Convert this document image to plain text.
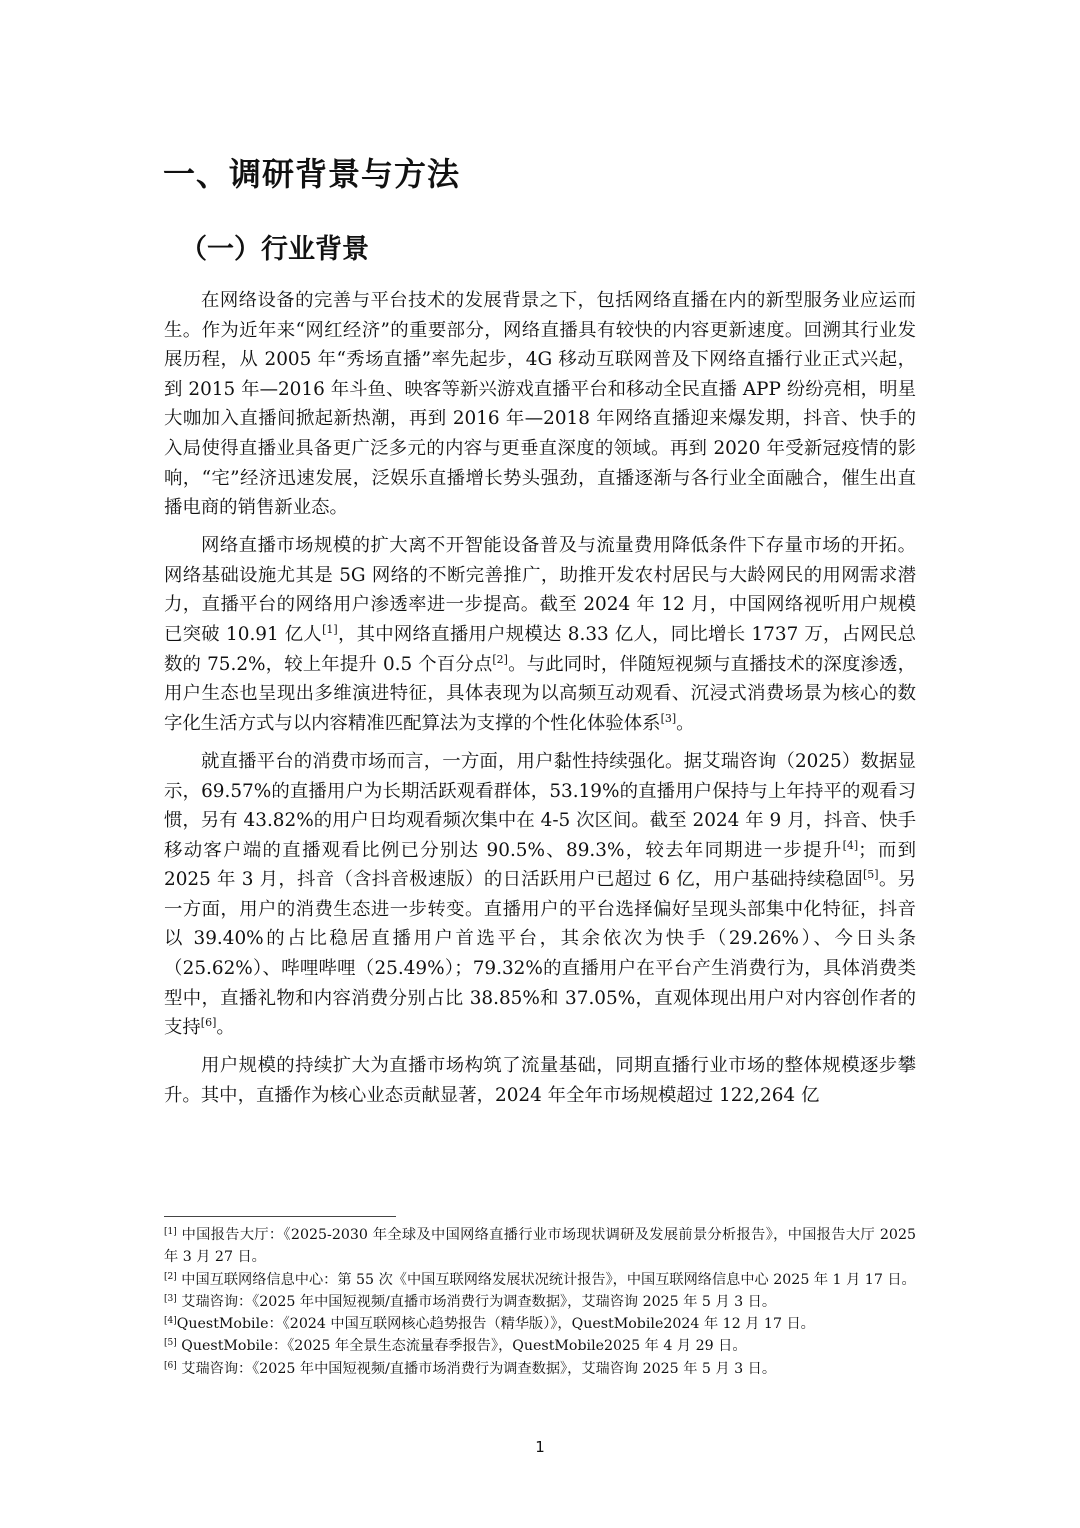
一、调研背景与方法
（一）行业背景

在网络设备的完善与平台技术的发展背景之下，包括网络直播在内的新型服务业应运而生。作为近年来“网红经济”的重要部分，网络直播具有较快的内容更新速度。回溯其行业发展历程，从 2005 年“秀场直播”率先起步，4G 移动互联网普及下网络直播行业正式兴起，到 2015 年—2016 年斗鱼、映客等新兴游戏直播平台和移动全民直播 APP 纷纷亮相，明星大咖加入直播间掀起新热潮，再到 2016 年—2018 年网络直播迎来爆发期，抖音、快手的入局使得直播业具备更广泛多元的内容与更垂直深度的领域。再到 2020 年受新冠疫情的影响，“宅”经济迅速发展，泛娱乐直播增长势头强劲，直播逐渐与各行业全面融合，催生出直播电商的销售新业态。

网络直播市场规模的扩大离不开智能设备普及与流量费用降低条件下存量市场的开拓。网络基础设施尤其是 5G 网络的不断完善推广，助推开发农村居民与大龄网民的用网需求潜力，直播平台的网络用户渗透率进一步提高。截至 2024 年 12 月，中国网络视听用户规模已突破 10.91 亿人[1]，其中网络直播用户规模达 8.33 亿人，同比增长 1737 万，占网民总数的 75.2%，较上年提升 0.5 个百分点[2]。与此同时，伴随短视频与直播技术的深度渗透，用户生态也呈现出多维演进特征，具体表现为以高频互动观看、沉浸式消费场景为核心的数字化生活方式与以内容精准匹配算法为支撑的个性化体验体系[3]。

就直播平台的消费市场而言，一方面，用户黏性持续强化。据艾瑞咨询（2025）数据显示，69.57%的直播用户为长期活跃观看群体，53.19%的直播用户保持与上年持平的观看习惯，另有 43.82%的用户日均观看频次集中在 4-5 次区间。截至 2024 年 9 月，抖音、快手移动客户端的直播观看比例已分别达 90.5%、89.3%，较去年同期进一步提升[4]；而到 2025 年 3 月，抖音（含抖音极速版）的日活跃用户已超过 6 亿，用户基础持续稳固[5]。另一方面，用户的消费生态进一步转变。直播用户的平台选择偏好呈现头部集中化特征，抖音以 39.40%的占比稳居直播用户首选平台，其余依次为快手（29.26%）、今日头条（25.62%）、哔哩哔哩（25.49%）；79.32%的直播用户在平台产生消费行为，具体消费类型中，直播礼物和内容消费分别占比 38.85%和 37.05%，直观体现出用户对内容创作者的支持[6]。

用户规模的持续扩大为直播市场构筑了流量基础，同期直播行业市场的整体规模逐步攀升。其中，直播作为核心业态贡献显著，2024 年全年市场规模超过 122,264 亿

[1] 中国报告大厅：《2025-2030 年全球及中国网络直播行业市场现状调研及发展前景分析报告》，中国报告大厅 2025 年 3 月 27 日。
[2] 中国互联网络信息中心：第 55 次《中国互联网络发展状况统计报告》，中国互联网络信息中心 2025 年 1 月 17 日。
[3] 艾瑞咨询：《2025 年中国短视频/直播市场消费行为调查数据》，艾瑞咨询 2025 年 5 月 3 日。
[4]QuestMobile：《2024 中国互联网核心趋势报告（精华版）》，QuestMobile2024 年 12 月 17 日。
[5] QuestMobile：《2025 年全景生态流量春季报告》，QuestMobile2025 年 4 月 29 日。
[6] 艾瑞咨询：《2025 年中国短视频/直播市场消费行为调查数据》，艾瑞咨询 2025 年 5 月 3 日。
1
